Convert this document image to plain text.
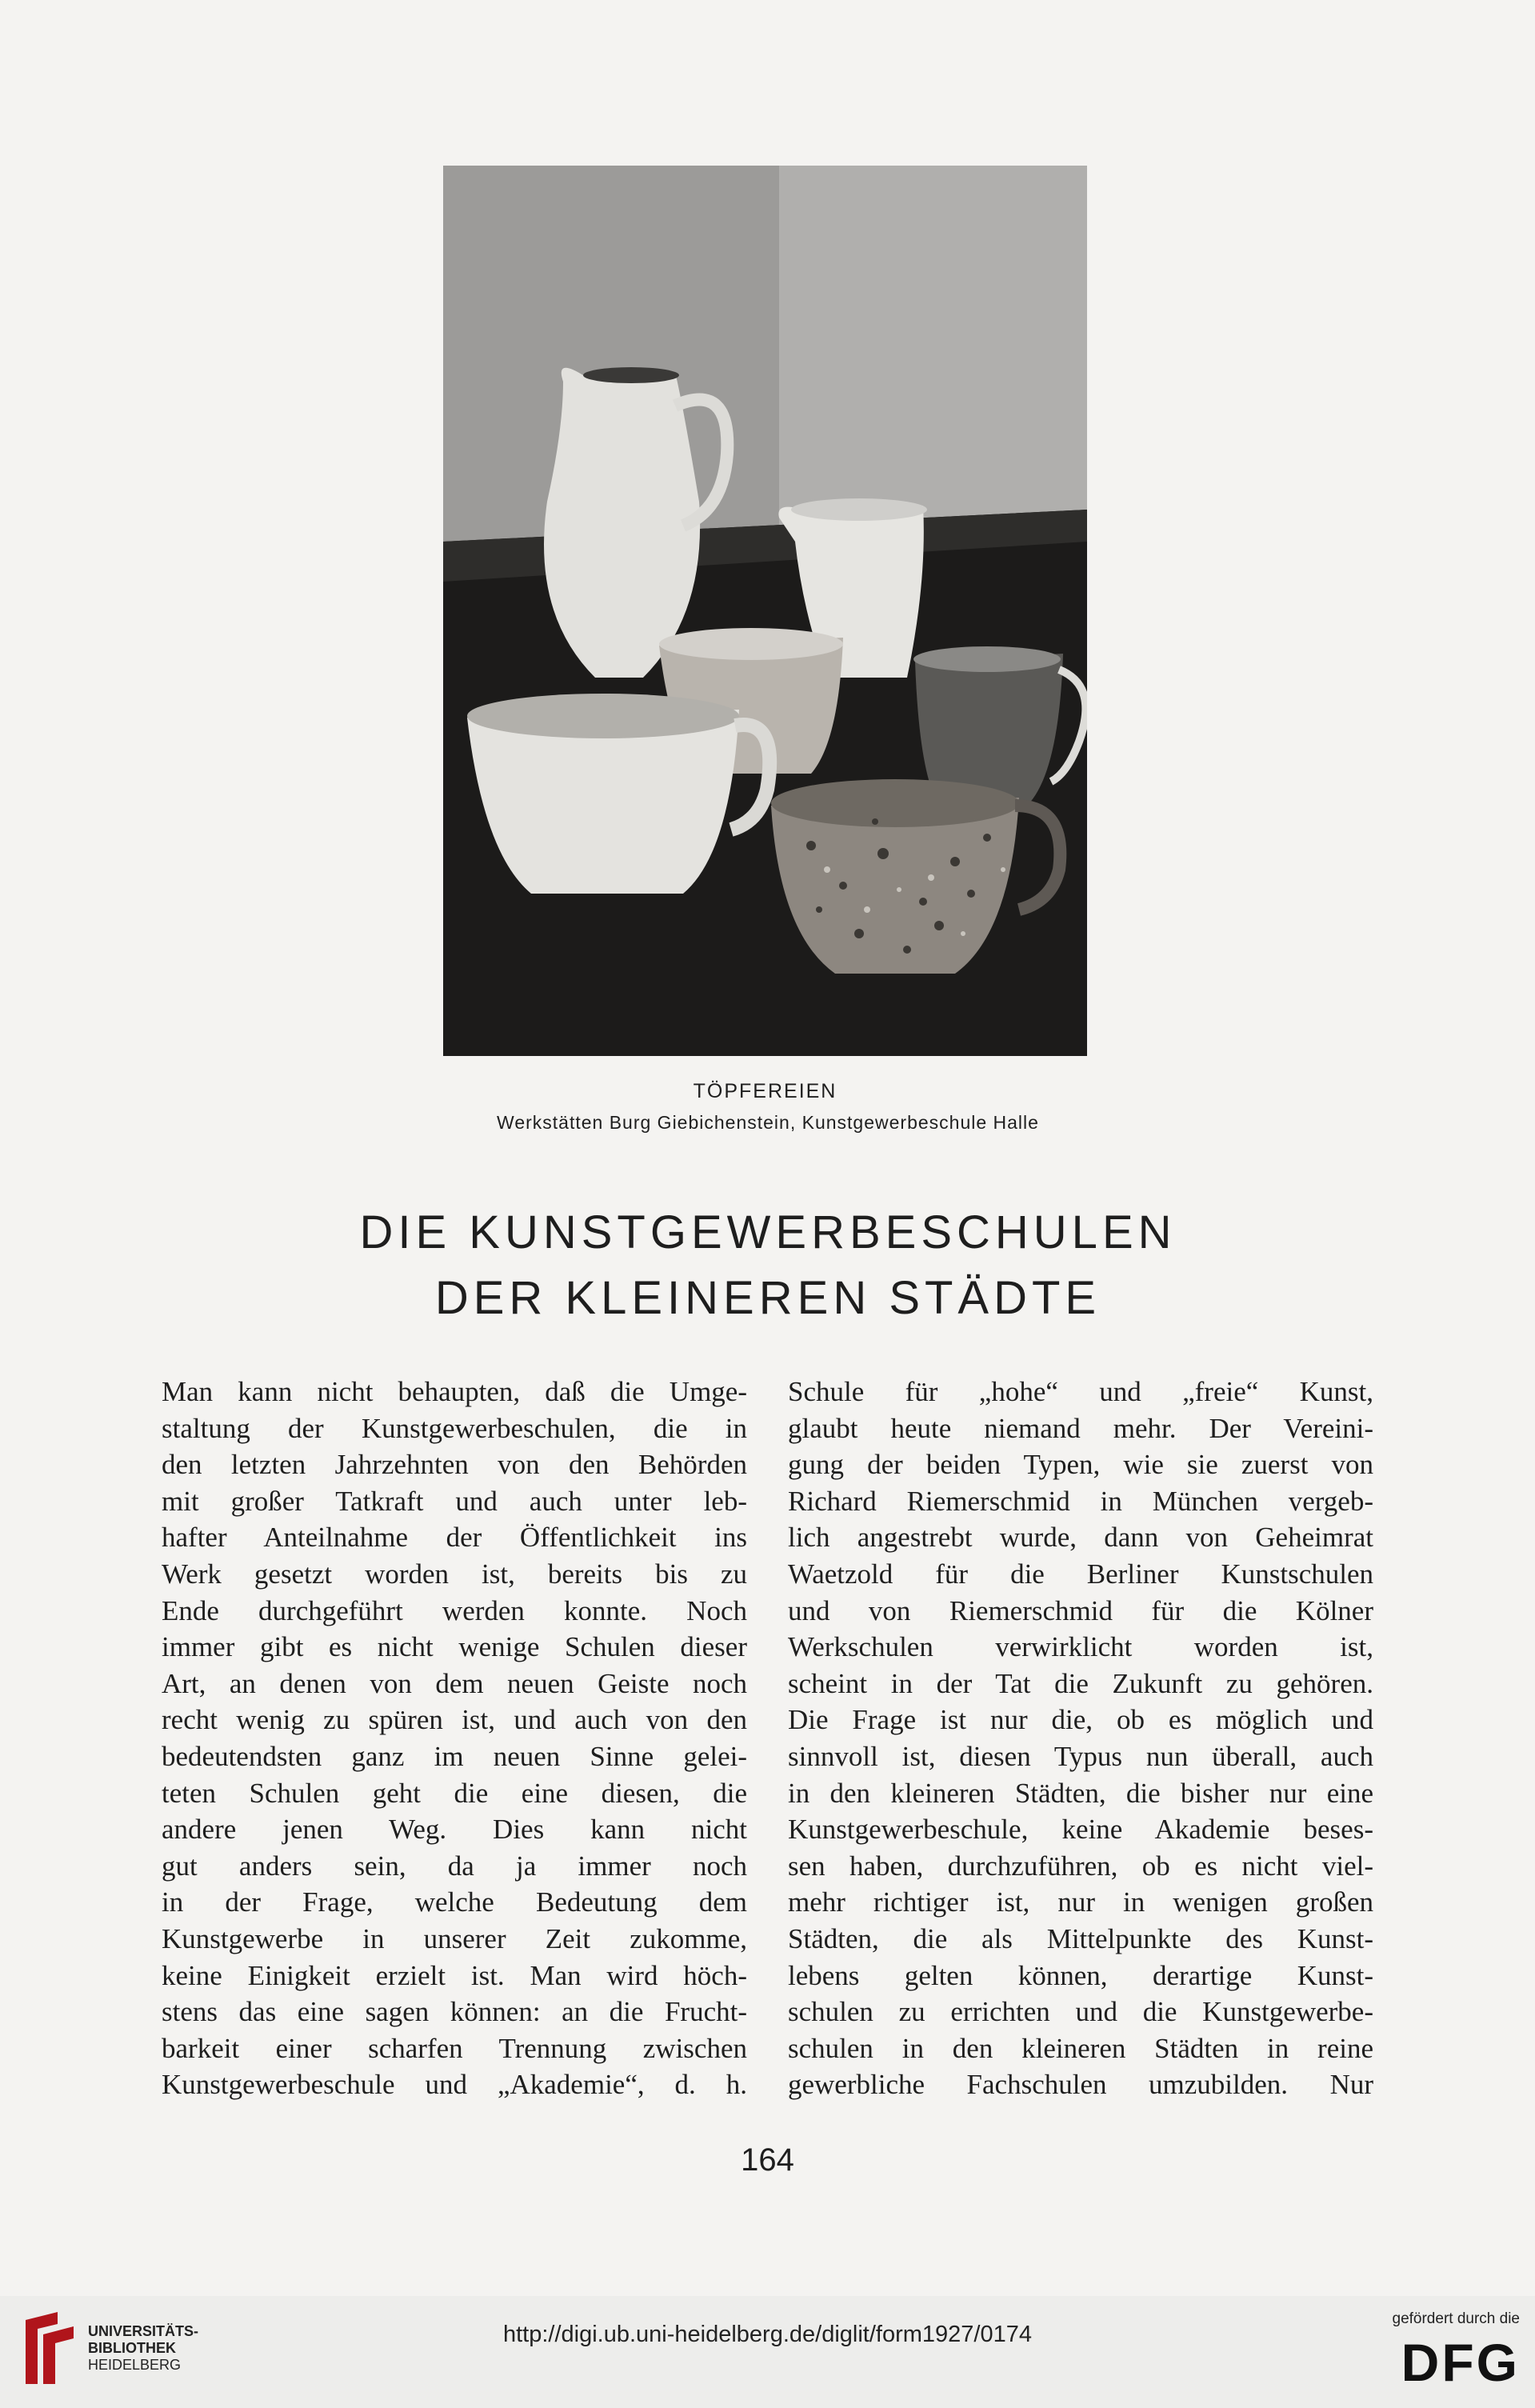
TÖPFEREIEN
Werkstätten Burg Giebichenstein, Kunstgewerbeschule Halle
DIE KUNSTGEWERBESCHULEN
DER KLEINEREN STÄDTE
Man kann nicht behaupten, daß die Umge-
staltung der Kunstgewerbeschulen, die in
den letzten Jahrzehnten von den Behörden
mit großer Tatkraft und auch unter leb-
hafter Anteilnahme der Öffentlichkeit ins
Werk gesetzt worden ist, bereits bis zu
Ende durchgeführt werden konnte. Noch
immer gibt es nicht wenige Schulen dieser
Art, an denen von dem neuen Geiste noch
recht wenig zu spüren ist, und auch von den
bedeutendsten ganz im neuen Sinne gelei-
teten Schulen geht die eine diesen, die
andere jenen Weg. Dies kann nicht
gut anders sein, da ja immer noch
in der Frage, welche Bedeutung dem
Kunstgewerbe in unserer Zeit zukomme,
keine Einigkeit erzielt ist. Man wird höch-
stens das eine sagen können: an die Frucht-
barkeit einer scharfen Trennung zwischen
Kunstgewerbeschule und „Akademie“, d. h.
Schule für „hohe“ und „freie“ Kunst,
glaubt heute niemand mehr. Der Vereini-
gung der beiden Typen, wie sie zuerst von
Richard Riemerschmid in München vergeb-
lich angestrebt wurde, dann von Geheimrat
Waetzold für die Berliner Kunstschulen
und von Riemerschmid für die Kölner
Werkschulen verwirklicht worden ist,
scheint in der Tat die Zukunft zu gehören.
Die Frage ist nur die, ob es möglich und
sinnvoll ist, diesen Typus nun überall, auch
in den kleineren Städten, die bisher nur eine
Kunstgewerbeschule, keine Akademie beses-
sen haben, durchzuführen, ob es nicht viel-
mehr richtiger ist, nur in wenigen großen
Städten, die als Mittelpunkte des Kunst-
lebens gelten können, derartige Kunst-
schulen zu errichten und die Kunstgewerbe-
schulen in den kleineren Städten in reine
gewerbliche Fachschulen umzubilden. Nur
164
UNIVERSITÄTS-
BIBLIOTHEK
HEIDELBERG
http://digi.ub.uni-heidelberg.de/diglit/form1927/0174
gefördert durch die
DFG
